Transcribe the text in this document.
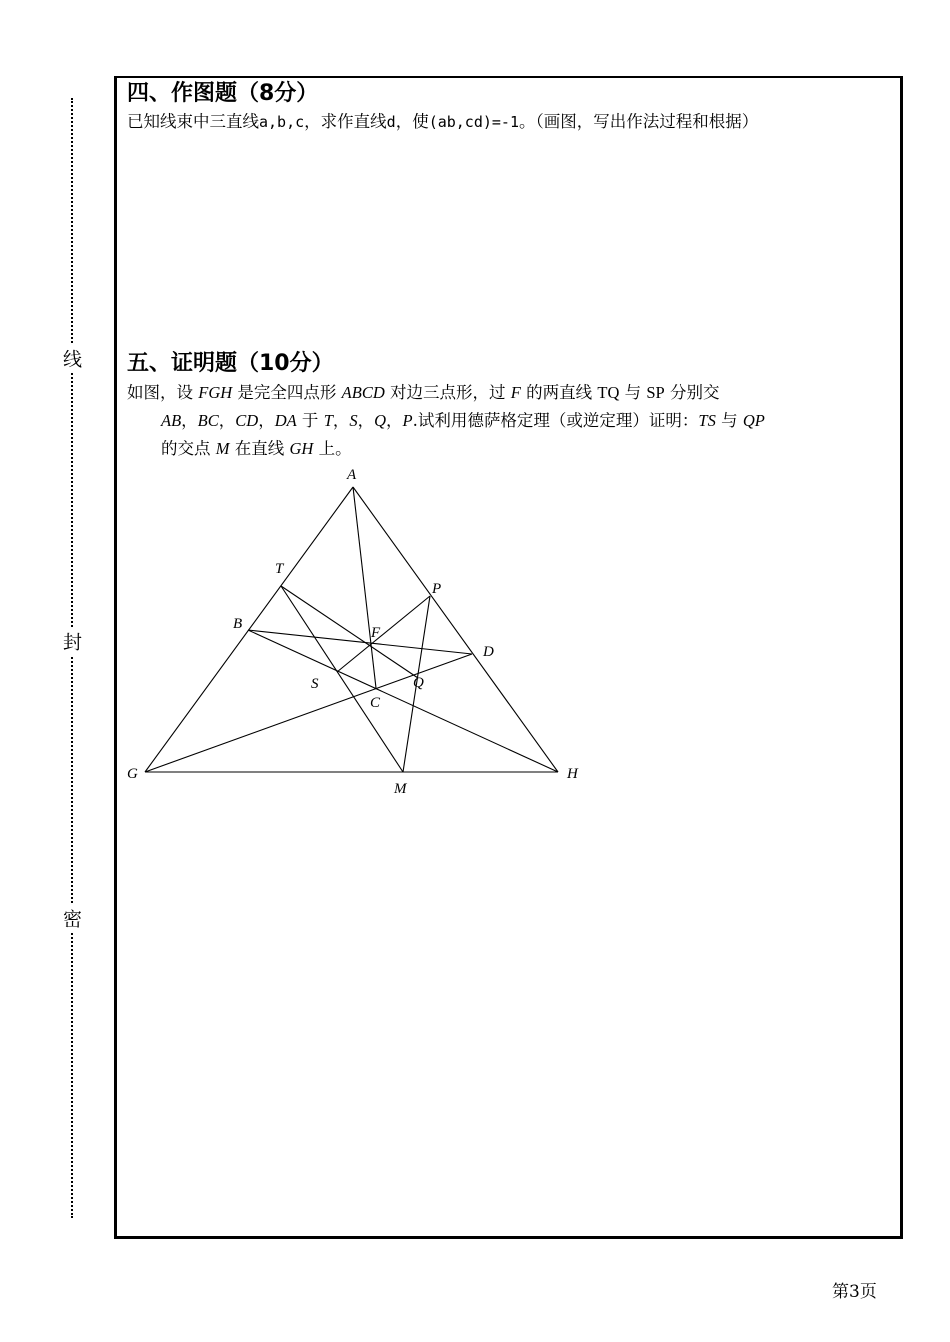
线
封
密
四、作图题（8分）
已知线束中三直线a,b,c，求作直线d，使(ab,cd)=-1。（画图，写出作法过程和根据）
五、证明题（10分）
如图，设 FGH 是完全四点形 ABCD 对边三点形，过 F 的两直线 TQ 与 SP 分别交
AB，BC，CD，DA 于 T，S，Q，P.试利用德萨格定理（或逆定理）证明：TS 与 QP
的交点 M 在直线 GH 上。
A
T
P
B
F
D
S	Q
C
G
M
H
第3页
